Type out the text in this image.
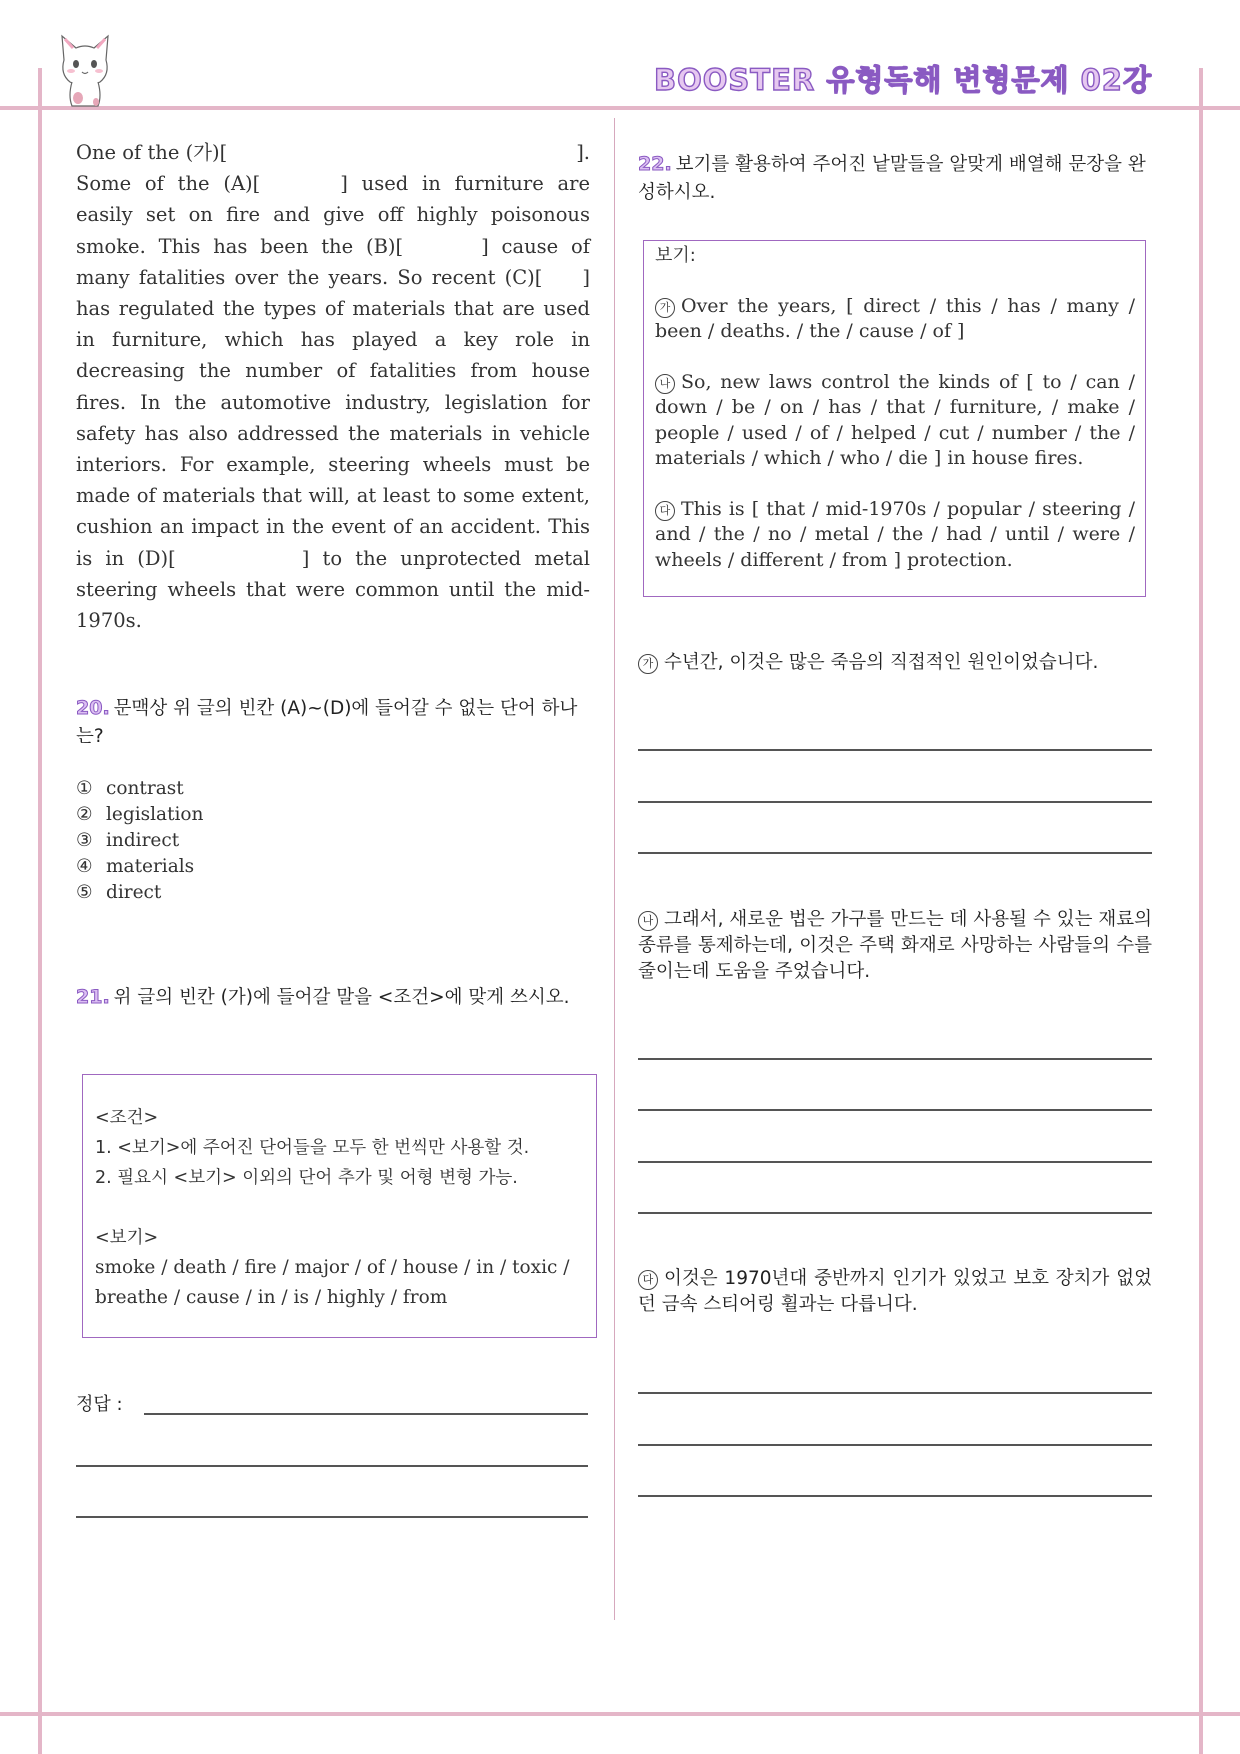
BOOSTER 유형독해 변형문제 02강
One of the (가)[	].
Some of the (A)[	] used in furniture are easily set on fire and give off highly poisonous smoke. This has been the (B)[	] cause of many fatalities over the years. So recent (C)[ ] has regulated the types of materials that are used in furniture, which has played a key role in decreasing the number of fatalities from house fires. In the automotive industry, legislation for safety has also addressed the materials in vehicle interiors. For example, steering wheels must be made of materials that will, at least to some extent, cushion an impact in the event of an accident. This is in (D)[	] to the unprotected metal steering wheels that were common until the mid-1970s.
20. 문맥상 위 글의 빈칸 (A)~(D)에 들어갈 수 없는 단어 하나는?
① contrast
② legislation
③ indirect
④ materials
⑤ direct
21. 위 글의 빈칸 (가)에 들어갈 말을 <조건>에 맞게 쓰시오.
<조건>
1. <보기>에 주어진 단어들을 모두 한 번씩만 사용할 것.
2. 필요시 <보기> 이외의 단어 추가 및 어형 변형 가능.
<보기>
smoke / death / fire / major / of / house / in / toxic / breathe / cause / in / is / highly / from
정답 :
22. 보기를 활용하여 주어진 낱말들을 알맞게 배열해 문장을 완성하시오.
보기:
가 Over the years, [ direct / this / has / many / been / deaths. / the / cause / of ]
나 So, new laws control the kinds of [ to / can / down / be / on / has / that / furniture, / make / people / used / of / helped / cut / number / the / materials / which / who / die ] in house fires.
다 This is [ that / mid-1970s / popular / steering / and / the / no / metal / the / had / until / were / wheels / different / from ] protection.
가 수년간, 이것은 많은 죽음의 직접적인 원인이었습니다.
나 그래서, 새로운 법은 가구를 만드는 데 사용될 수 있는 재료의 종류를 통제하는데, 이것은 주택 화재로 사망하는 사람들의 수를 줄이는데 도움을 주었습니다.
다 이것은 1970년대 중반까지 인기가 있었고 보호 장치가 없었던 금속 스티어링 휠과는 다릅니다.
